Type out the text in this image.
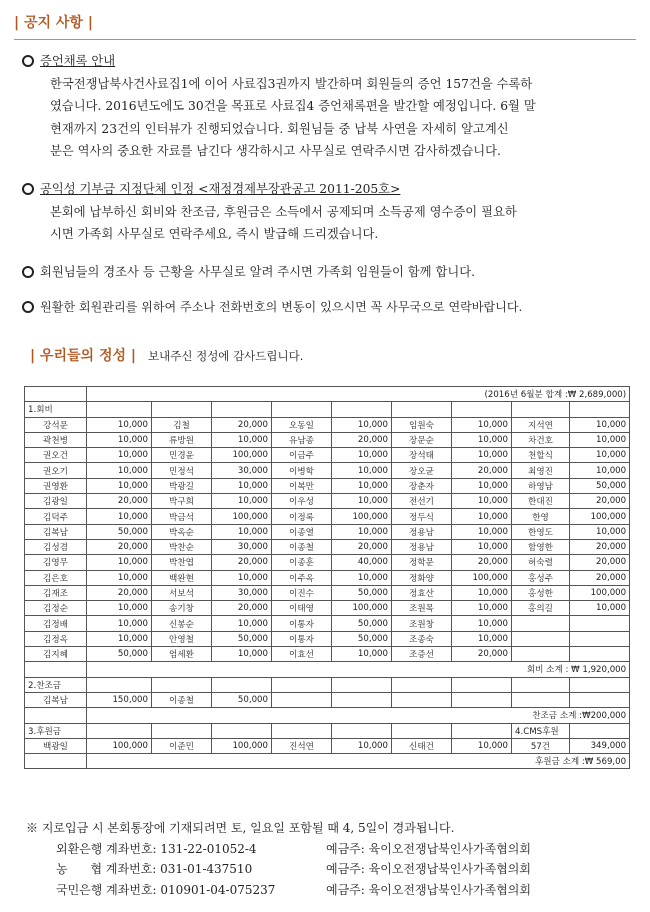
| 공지 사항 |
증언채록 안내
한국전쟁납북사건사료집1에 이어 사료집3권까지 발간하며 회원들의 증언 157건을 수록하
였습니다. 2016년도에도 30건을 목표로 사료집4 증언채록편을 발간할 예정입니다. 6월 말
현재까지 23건의 인터뷰가 진행되었습니다. 회원님들 중 납북 사연을 자세히 알고계신
분은 역사의 중요한 자료를 남긴다 생각하시고 사무실로 연락주시면 감사하겠습니다.
공익성 기부금 지정단체 인정 <재정경제부장관공고 2011-205호>
본회에 납부하신 회비와 찬조금, 후원금은 소득에서 공제되며 소득공제 영수증이 필요하
시면 가족회 사무실로 연락주세요, 즉시 발급해 드리겠습니다.
회원님들의 경조사 등 근황을 사무실로 알려 주시면 가족회 임원들이 함께 합니다.
원활한 회원관리를 위하여 주소나 전화번호의 변동이 있으시면 꼭 사무국으로 연락바랍니다.
| 우리들의 정성 | 보내주신 정성에 감사드립니다.
	(2016년 6월분 합계 :₩ 2,689,000)								
1.회비									
강석문	10,000	김철	20,000	오동일	10,000	임원숙	10,000	지석연	10,000
곽천병	10,000	류방원	10,000	유남종	20,000	장문순	10,000	차건호	10,000
권오건	10,000	민경윤	100,000	이금주	10,000	장석태	10,000	천할식	10,000
권오기	10,000	민정석	30,000	이병학	10,000	장오균	20,000	최영진	10,000
권영환	10,000	박광길	10,000	이복만	10,000	장춘자	10,000	하영남	50,000
김광일	20,000	박구희	10,000	이우성	10,000	전선기	10,000	한대진	20,000
김덕주	10,000	박금석	100,000	이정록	100,000	정두식	10,000	한영	100,000
김복남	50,000	박옥순	10,000	이종열	10,000	정용남	10,000	한영도	10,000
김성겸	20,000	박찬순	30,000	이종철	20,000	정용남	10,000	함영한	20,000
김영무	10,000	박찬엽	20,000	이종훈	40,000	정학문	20,000	허숙렬	20,000
김은호	10,000	백완현	10,000	이주옥	10,000	정화양	100,000	홍성주	20,000
김재조	20,000	서보석	30,000	이진수	50,000	정효산	10,000	홍성한	100,000
김정순	10,000	송기창	20,000	이태영	100,000	조원목	10,000	홍의길	10,000
김정배	10,000	신봉순	10,000	이통자	50,000	조원창	10,000		
김정옥	10,000	안영철	50,000	이통자	50,000	조종숙	10,000		
김지혜	50,000	엄세환	10,000	이효선	10,000	조증선	20,000		
	회비 소계 : ₩ 1,920,000								
2.찬조금									
김복남	150,000	이종철	50,000						
	찬조금 소계 :₩200,000								
3.후원금								4.CMS후원	
백광일	100,000	이준민	100,000	진석연	10,000	신태건	10,000	57건	349,000
	후원금 소계 :₩ 569,00								
※ 지로입금 시 본회통장에 기재되려면 토, 일요일 포함될 때 4, 5일이 경과됩니다.
외환은행 계좌번호: 131-22-01052-4	예금주: 육이오전쟁납북인사가족협의회
농      협 계좌번호: 031-01-437510	예금주: 육이오전쟁납북인사가족협의회
국민은행 계좌번호: 010901-04-075237	예금주: 육이오전쟁납북인사가족협의회
